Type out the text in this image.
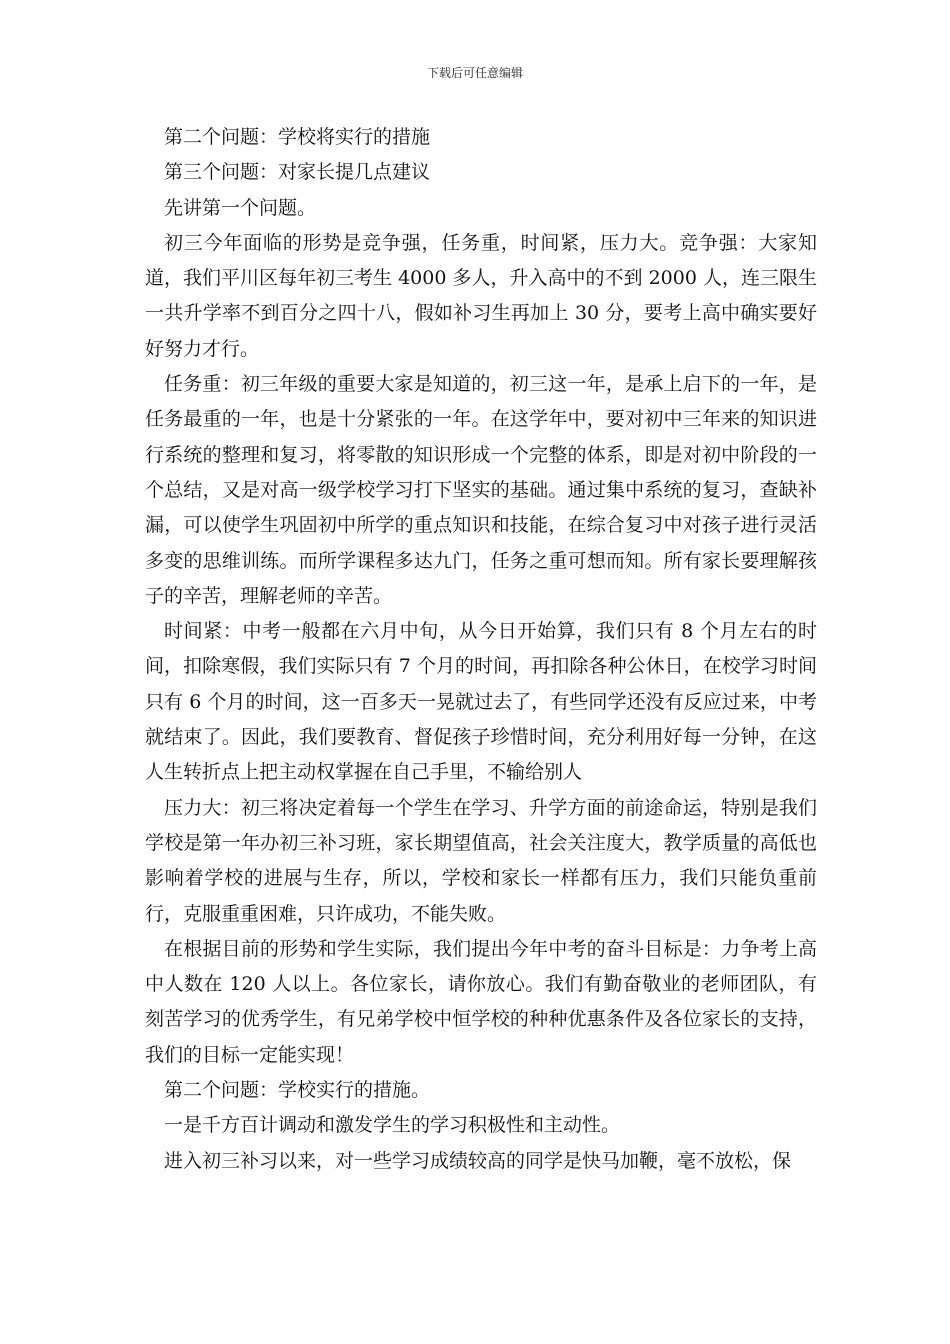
下载后可任意编辑

第二个问题：学校将实行的措施

第三个问题：对家长提几点建议

先讲第一个问题。

初三今年面临的形势是竞争强，任务重，时间紧，压力大。竞争强：大家知道，我们平川区每年初三考生 4000 多人，升入高中的不到 2000 人，连三限生一共升学率不到百分之四十八，假如补习生再加上 30 分，要考上高中确实要好好努力才行。

任务重：初三年级的重要大家是知道的，初三这一年，是承上启下的一年，是任务最重的一年，也是十分紧张的一年。在这学年中，要对初中三年来的知识进行系统的整理和复习，将零散的知识形成一个完整的体系，即是对初中阶段的一个总结，又是对高一级学校学习打下坚实的基础。通过集中系统的复习，查缺补漏，可以使学生巩固初中所学的重点知识和技能，在综合复习中对孩子进行灵活多变的思维训练。而所学课程多达九门，任务之重可想而知。所有家长要理解孩子的辛苦，理解老师的辛苦。

时间紧：中考一般都在六月中旬，从今日开始算，我们只有 8 个月左右的时间，扣除寒假，我们实际只有 7 个月的时间，再扣除各种公休日，在校学习时间只有 6 个月的时间，这一百多天一晃就过去了，有些同学还没有反应过来，中考就结束了。因此，我们要教育、督促孩子珍惜时间，充分利用好每一分钟，在这人生转折点上把主动权掌握在自己手里，不输给别人

压力大：初三将决定着每一个学生在学习、升学方面的前途命运，特别是我们学校是第一年办初三补习班，家长期望值高，社会关注度大，教学质量的高低也影响着学校的进展与生存，所以，学校和家长一样都有压力，我们只能负重前行，克服重重困难，只许成功，不能失败。

在根据目前的形势和学生实际，我们提出今年中考的奋斗目标是：力争考上高中人数在 120 人以上。各位家长，请你放心。我们有勤奋敬业的老师团队，有刻苦学习的优秀学生，有兄弟学校中恒学校的种种优惠条件及各位家长的支持，我们的目标一定能实现！

第二个问题：学校实行的措施。

一是千方百计调动和激发学生的学习积极性和主动性。

进入初三补习以来，对一些学习成绩较高的同学是快马加鞭，毫不放松，保
